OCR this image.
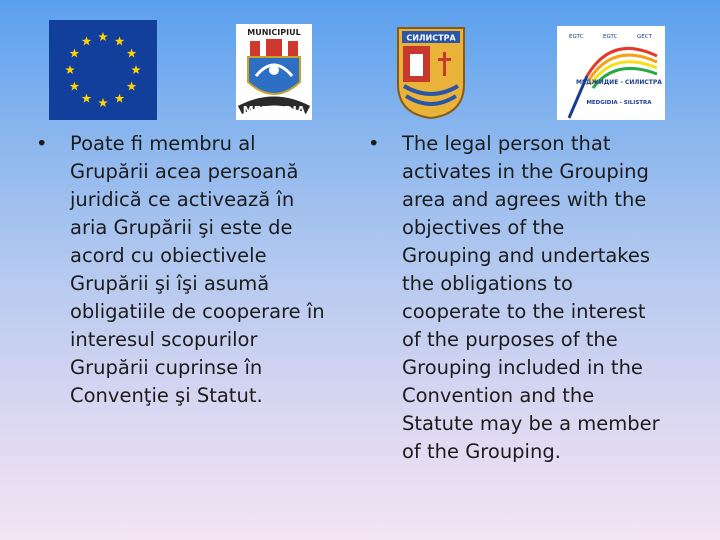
MUNICIPIUL
MEDGIDIA
СИЛИСТРА	EGTC	EGTC	GECT
МЕДЖИДИЕ - СИЛИСТРА
MEDGIDIA - SILISTRA
•	Poate fi membru al
Grupării acea persoană
juridică ce activează în
aria Grupării şi este de
acord cu obiectivele
Grupării şi îşi asumă
obligatiile de cooperare în
interesul scopurilor
Grupării cuprinse în
Convenţie şi Statut.
•	The legal person that
activates in the Grouping
area and agrees with the
objectives of the
Grouping and undertakes
the obligations to
cooperate to the interest
of the purposes of the
Grouping included in the
Convention and the
Statute may be a member
of the Grouping.
